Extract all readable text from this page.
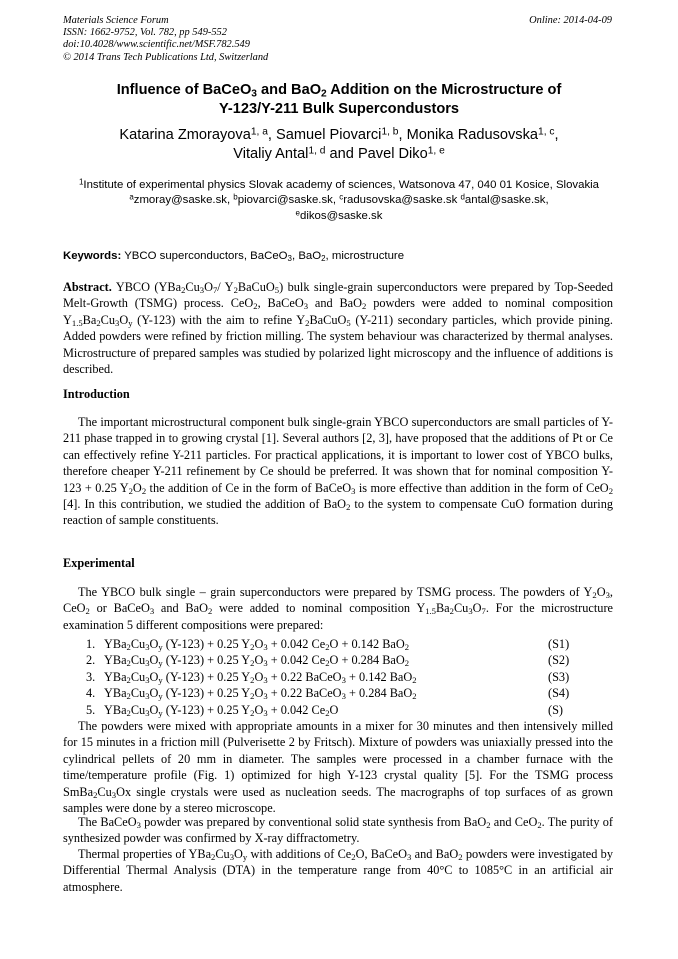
Materials Science Forum
ISSN: 1662-9752, Vol. 782, pp 549-552
doi:10.4028/www.scientific.net/MSF.782.549
© 2014 Trans Tech Publications Ltd, Switzerland
Online: 2014-04-09
Influence of BaCeO$_3$ and BaO$_2$ Addition on the Microstructure of
Y-123/Y-211 Bulk Supercondustors
Katarina Zmorayova$^{1, a}$, Samuel Piovarci$^{1, b}$, Monika Radusovska$^{1, c}$,
Vitaliy Antal$^{1, d}$ and Pavel Diko$^{1, e}$
$^1$Institute of experimental physics Slovak academy of sciences, Watsonova 47, 040 01 Kosice, Slovakia
$^a$zmoray@saske.sk, $^b$piovarci@saske.sk, $^c$radusovska@saske.sk $^d$antal@saske.sk,
$^e$dikos@saske.sk
Keywords: YBCO superconductors, BaCeO$_3$, BaO$_2$, microstructure
Abstract. YBCO ($YBa_2Cu_3O_7/$ $Y_2BaCuO_5$) bulk single-grain superconductors were prepared by Top-Seeded Melt-Growth (TSMG) process. CeO$_2$, BaCeO$_3$ and BaO$_2$ powders were added to nominal composition $Y_{1.5}Ba_2Cu_3O_y$ (Y-123) with the aim to refine $Y_2BaCuO_5$ (Y-211) secondary particles, which provide pining. Added powders were refined by friction milling. The system behaviour was characterized by thermal analyses. Microstructure of prepared samples was studied by polarized light microscopy and the influence of additions is described.
Introduction
The important microstructural component bulk single-grain YBCO superconductors are small particles of Y-211 phase trapped in to growing crystal [1]. Several authors [2, 3], have proposed that the additions of Pt or Ce can effectively refine Y-211 particles. For practical applications, it is important to lower cost of YBCO bulks, therefore cheaper Y-211 refinement by Ce should be preferred. It was shown that for nominal composition Y-123 + 0.25 $Y_2O_2$ the addition of Ce in the form of BaCeO$_3$ is more effective than addition in the form of CeO$_2$ [4]. In this contribution, we studied the addition of BaO$_2$ to the system to compensate CuO formation during reaction of sample constituents.
Experimental
The YBCO bulk single – grain superconductors were prepared by TSMG process. The powders of $Y_2O_3$, CeO$_2$ or BaCeO$_3$ and BaO$_2$ were added to nominal composition $Y_{1.5}Ba_2Cu_3O_7$. For the microstructure examination 5 different compositions were prepared:
1. $YBa_2Cu_3O_y$ (Y-123) + 0.25 $Y_2O_3 + 0.042$ $Ce_2O + 0.142$ BaO$_2$	(S1)
2. $YBa_2Cu_3O_y$ (Y-123) + 0.25 $Y_2O_3 + 0.042$ $Ce_2O + 0.284$ BaO$_2$	(S2)
3. $YBa_2Cu_3O_y$ (Y-123) + 0.25 $Y_2O_3 + 0.22$ BaCeO$_3$ + 0.142 BaO$_2$	(S3)
4. $YBa_2Cu_3O_y$ (Y-123) + 0.25 $Y_2O_3 + 0.22$ BaCeO$_3$ + 0.284 BaO$_2$	(S4)
5. $YBa_2Cu_3O_y$ (Y-123) + 0.25 $Y_2O_3 + 0.042$ $Ce_2O$	(S)
The powders were mixed with appropriate amounts in a mixer for 30 minutes and then intensively milled for 15 minutes in a friction mill (Pulverisette 2 by Fritsch). Mixture of powders was uniaxially pressed into the cylindrical pellets of 20 mm in diameter. The samples were processed in a chamber furnace with the time/temperature profile (Fig. 1) optimized for high Y-123 crystal quality [5]. For the TSMG process $SmBa_2Cu_3Ox$ single crystals were used as nucleation seeds. The macrographs of top surfaces of as grown samples were done by a stereo microscope.
The BaCeO$_3$ powder was prepared by conventional solid state synthesis from BaO$_2$ and CeO$_2$. The purity of synthesized powder was confirmed by X-ray diffractometry.
Thermal properties of $YBa_2Cu_3O_y$ with additions of $Ce_2O$, BaCeO$_3$ and BaO$_2$ powders were investigated by Differential Thermal Analysis (DTA) in the temperature range from 40°C to 1085°C in an artificial air atmosphere.
